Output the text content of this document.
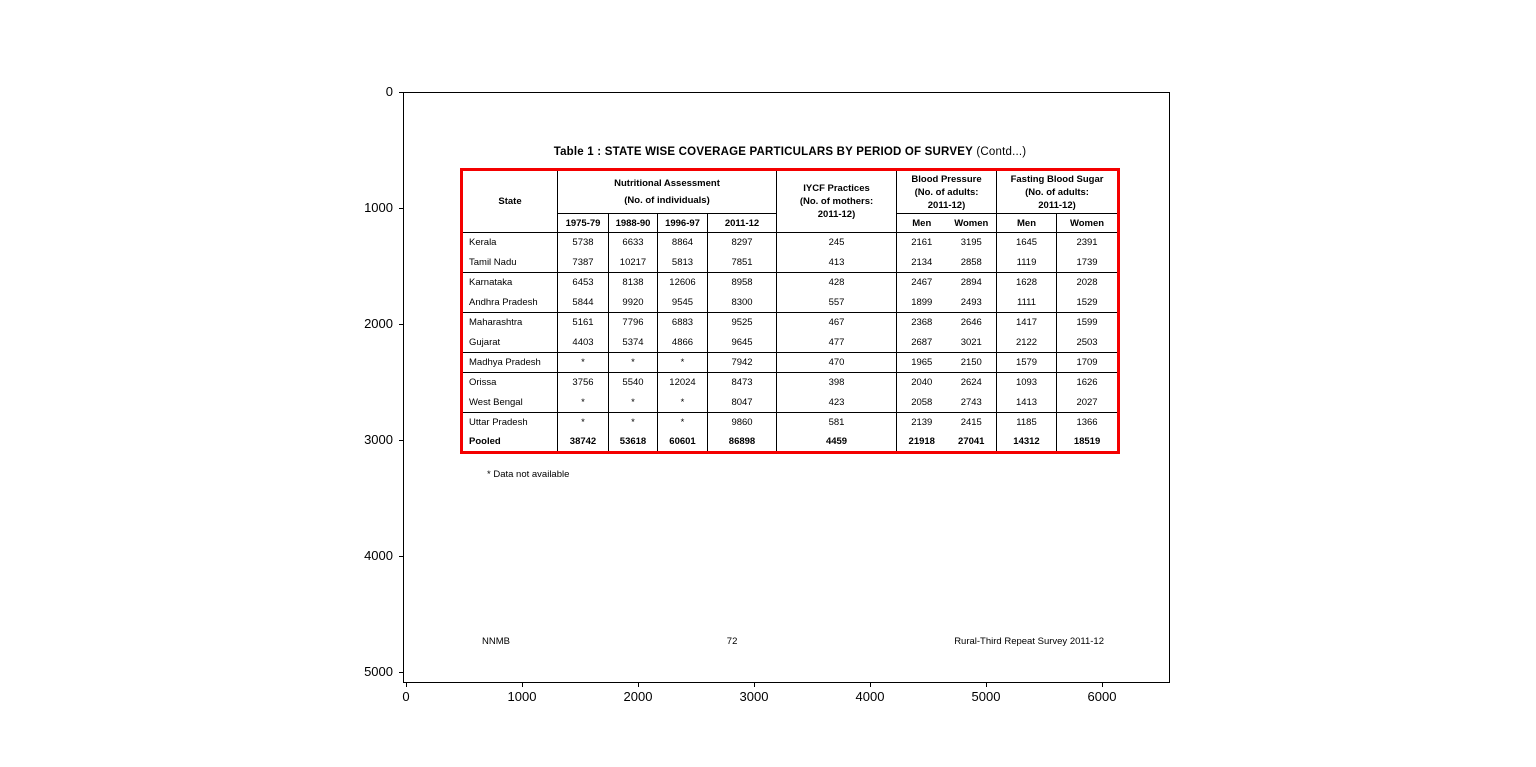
0
1000
2000
3000
4000
5000
0	1000	2000	3000	4000	5000	6000
Table 1 : STATE WISE COVERAGE PARTICULARS BY PERIOD OF SURVEY (Contd...)
State	
Nutritional Assessment
(No. of individuals)

IYCF Practices
(No. of mothers:
2011-12)

Blood Pressure
(No. of adults:
2011-12)

Fasting Blood Sugar
(No. of adults:
2011-12)

	1975-79	1988-90	1996-97	2011-12		Men	Women	Men	Women
Kerala	5738	6633	8864	8297	245	2161	3195	1645	2391
Tamil Nadu	7387	10217	5813	7851	413	2134	2858	1119	1739
Karnataka	6453	8138	12606	8958	428	2467	2894	1628	2028
Andhra Pradesh	5844	9920	9545	8300	557	1899	2493	1111	1529
Maharashtra	5161	7796	6883	9525	467	2368	2646	1417	1599
Gujarat	4403	5374	4866	9645	477	2687	3021	2122	2503
Madhya Pradesh	*	*	*	7942	470	1965	2150	1579	1709
Orissa	3756	5540	12024	8473	398	2040	2624	1093	1626
West Bengal	*	*	*	8047	423	2058	2743	1413	2027
Uttar Pradesh	*	*	*	9860	581	2139	2415	1185	1366
Pooled	38742	53618	60601	86898	4459	21918	27041	14312	18519
* Data not available
NNMB	72	Rural-Third Repeat Survey 2011-12
